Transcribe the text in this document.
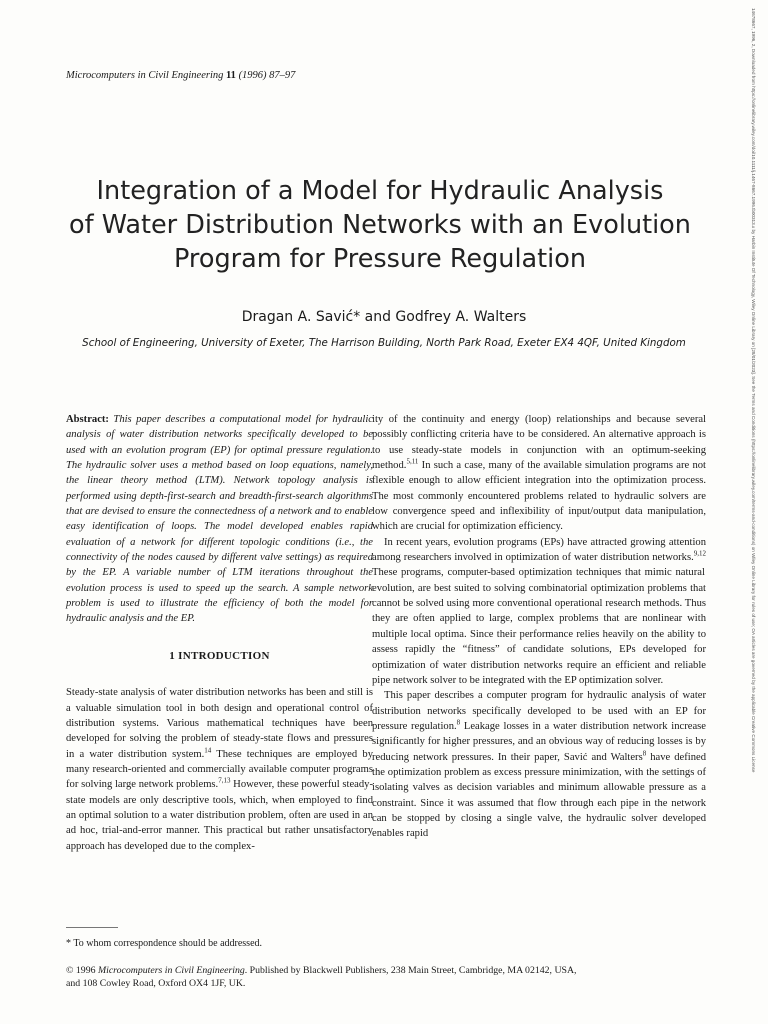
Microcomputers in Civil Engineering 11 (1996) 87–97
Integration of a Model for Hydraulic Analysis
of Water Distribution Networks with an Evolution
Program for Pressure Regulation
Dragan A. Savić* and Godfrey A. Walters
School of Engineering, University of Exeter, The Harrison Building, North Park Road, Exeter EX4 4QF, United Kingdom

Abstract: This paper describes a computational model for hydraulic analysis of water distribution networks specifically developed to be used with an evolution program (EP) for optimal pressure regulation. The hydraulic solver uses a method based on loop equations, namely, the linear theory method (LTM). Network topology analysis is performed using depth-first-search and breadth-first-search algorithms that are devised to ensure the connectedness of a network and to enable easy identification of loops. The model developed enables rapid evaluation of a network for different topologic conditions (i.e., the connectivity of the nodes caused by different valve settings) as required by the EP. A variable number of LTM iterations throughout the evolution process is used to speed up the search. A sample network problem is used to illustrate the efficiency of both the model for hydraulic analysis and the EP.

1 INTRODUCTION

Steady-state analysis of water distribution networks has been and still is a valuable simulation tool in both design and operational control of distribution systems. Various mathematical techniques have been developed for solving the problem of steady-state flows and pressures in a water distribution system.$^{14}$ These techniques are employed by many research-oriented and commercially available computer programs for solving large network problems.$^{7,13}$ However, these powerful steady-state models are only descriptive tools, which, when employed to find an optimal solution to a water distribution problem, often are used in an ad hoc, trial-and-error manner. This practical but rather unsatisfactory approach has developed due to the complex-

ity of the continuity and energy (loop) relationships and because several possibly conflicting criteria have to be considered. An alternative approach is to use steady-state models in conjunction with an optimum-seeking method.$^{5,11}$ In such a case, many of the available simulation programs are not flexible enough to allow efficient integration into the optimization process. The most commonly encountered problems related to hydraulic solvers are low convergence speed and inflexibility of input/output data manipulation, which are crucial for optimization efficiency.

In recent years, evolution programs (EPs) have attracted growing attention among researchers involved in optimization of water distribution networks.$^{9,12}$ These programs, computer-based optimization techniques that mimic natural evolution, are best suited to solving combinatorial optimization problems that cannot be solved using more conventional operational research methods. Thus they are often applied to large, complex problems that are nonlinear with multiple local optima. Since their performance relies heavily on the ability to assess rapidly the “fitness” of candidate solutions, EPs developed for optimization of water distribution networks require an efficient and reliable pipe network solver to be integrated with the EP optimization solver.

This paper describes a computer program for hydraulic analysis of water distribution networks specifically developed to be used with an EP for pressure regulation.$^8$ Leakage losses in a water distribution network increase significantly for higher pressures, and an obvious way of reducing losses is by reducing network pressures. In their paper, Savić and Walters$^8$ have defined the optimization problem as excess pressure minimization, with the settings of isolating valves as decision variables and minimum allowable pressure as a constraint. Since it was assumed that flow through each pipe in the network can be stopped by closing a single valve, the hydraulic solver developed enables rapid

* To whom correspondence should be addressed.
© 1996 Microcomputers in Civil Engineering. Published by Blackwell Publishers, 238 Main Street, Cambridge, MA 02142, USA,
and 108 Cowley Road, Oxford OX4 1JF, UK.
14678667, 1996, 2, Downloaded from https://onlinelibrary.wiley.com/doi/10.1111/j.1467-8667.1996.tb00313.x by Harbin Institute Of Technology, Wiley Online Library on [28/01/2023]. See the Terms and Conditions (https://onlinelibrary.wiley.com/terms-and-conditions) on Wiley Online Library for rules of use; OA articles are governed by the applicable Creative Commons License
